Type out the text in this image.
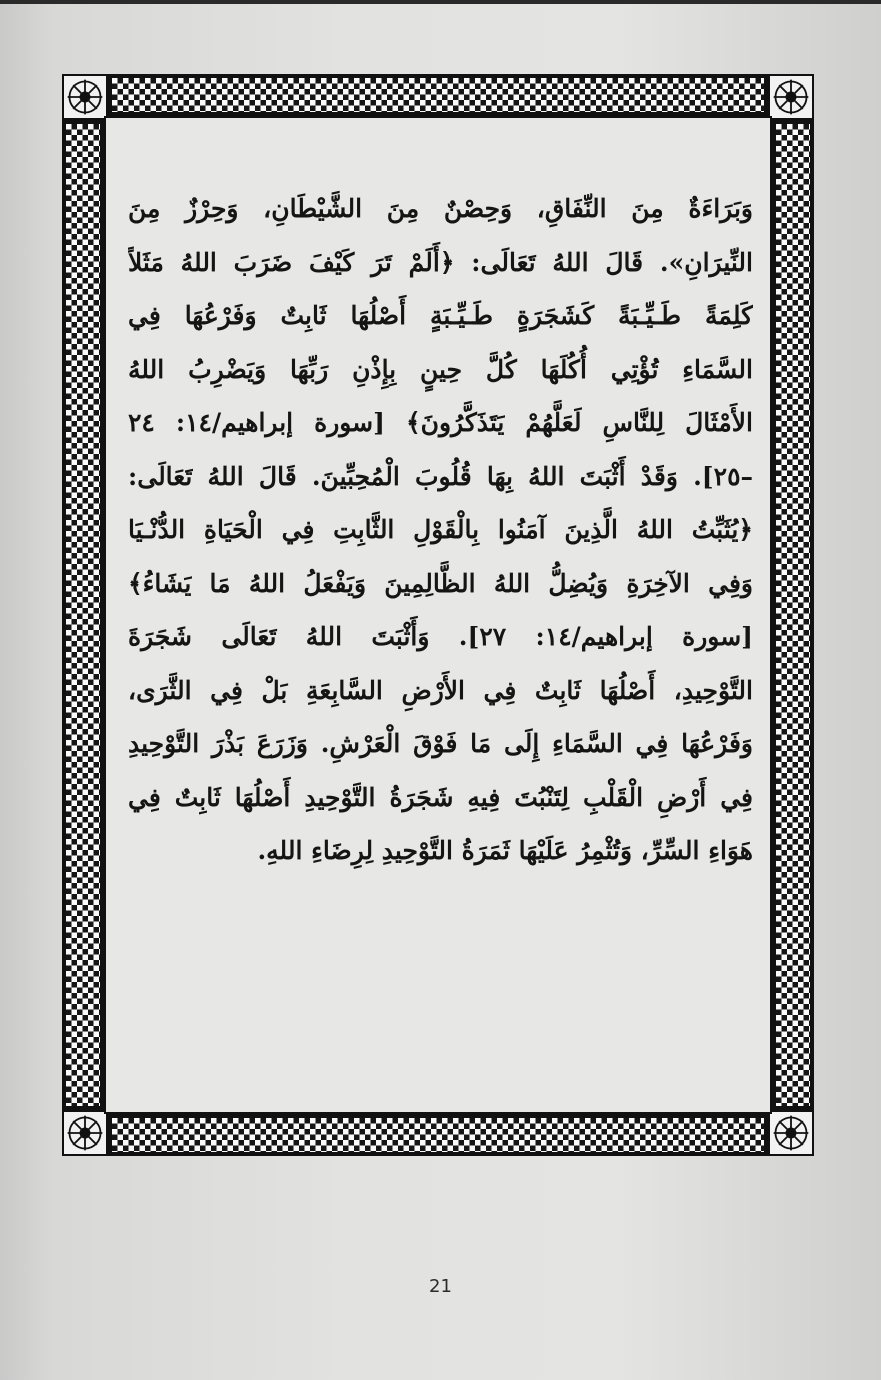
وَبَرَاءَةٌ مِنَ النِّفَاقِ، وَحِصْنٌ مِنَ الشَّيْطَانِ، وَحِرْزٌ مِنَ
النِّيرَانِ». قَالَ اللهُ تَعَالَى: ﴿أَلَمْ تَرَ كَيْفَ ضَرَبَ اللهُ مَثَلاً
كَلِمَةً طَـيِّـبَةً كَشَجَرَةٍ طَـيِّـبَةٍ أَصْلُهَا ثَابِتٌ وَفَرْعُهَا فِي
السَّمَاءِ تُؤْتِي أُكُلَهَا كُلَّ حِينٍ بِإِذْنِ رَبِّهَا وَيَضْرِبُ اللهُ
الأَمْثَالَ لِلنَّاسِ لَعَلَّهُمْ يَتَذَكَّرُونَ﴾ [سورة إبراهيم/١٤: ٢٤
–٢٥]. وَقَدْ أَثْبَتَ اللهُ بِهَا قُلُوبَ الْمُحِبِّينَ. قَالَ اللهُ تَعَالَى:
﴿يُثَبِّتُ اللهُ الَّذِينَ آمَنُوا بِالْقَوْلِ الثَّابِتِ فِي الْحَيَاةِ الدُّنْـيَا
وَفِي الآخِرَةِ وَيُضِلُّ اللهُ الظَّالِمِينَ وَيَفْعَلُ اللهُ مَا يَشَاءُ﴾
[سورة إبراهيم/١٤: ٢٧]. وَأَثْبَتَ اللهُ تَعَالَى شَجَرَةَ
التَّوْحِيدِ، أَصْلُهَا ثَابِتٌ فِي الأَرْضِ السَّابِعَةِ بَلْ فِي الثَّرَى،
وَفَرْعُهَا فِي السَّمَاءِ إِلَى مَا فَوْقَ الْعَرْشِ. وَزَرَعَ بَذْرَ التَّوْحِيدِ
فِي أَرْضِ الْقَلْبِ لِتَنْبُتَ فِيهِ شَجَرَةُ التَّوْحِيدِ أَصْلُهَا ثَابِتٌ فِي
هَوَاءِ السِّرِّ، وَتُثْمِرُ عَلَيْهَا ثَمَرَةُ التَّوْحِيدِ لِرِضَاءِ اللهِ.
21
